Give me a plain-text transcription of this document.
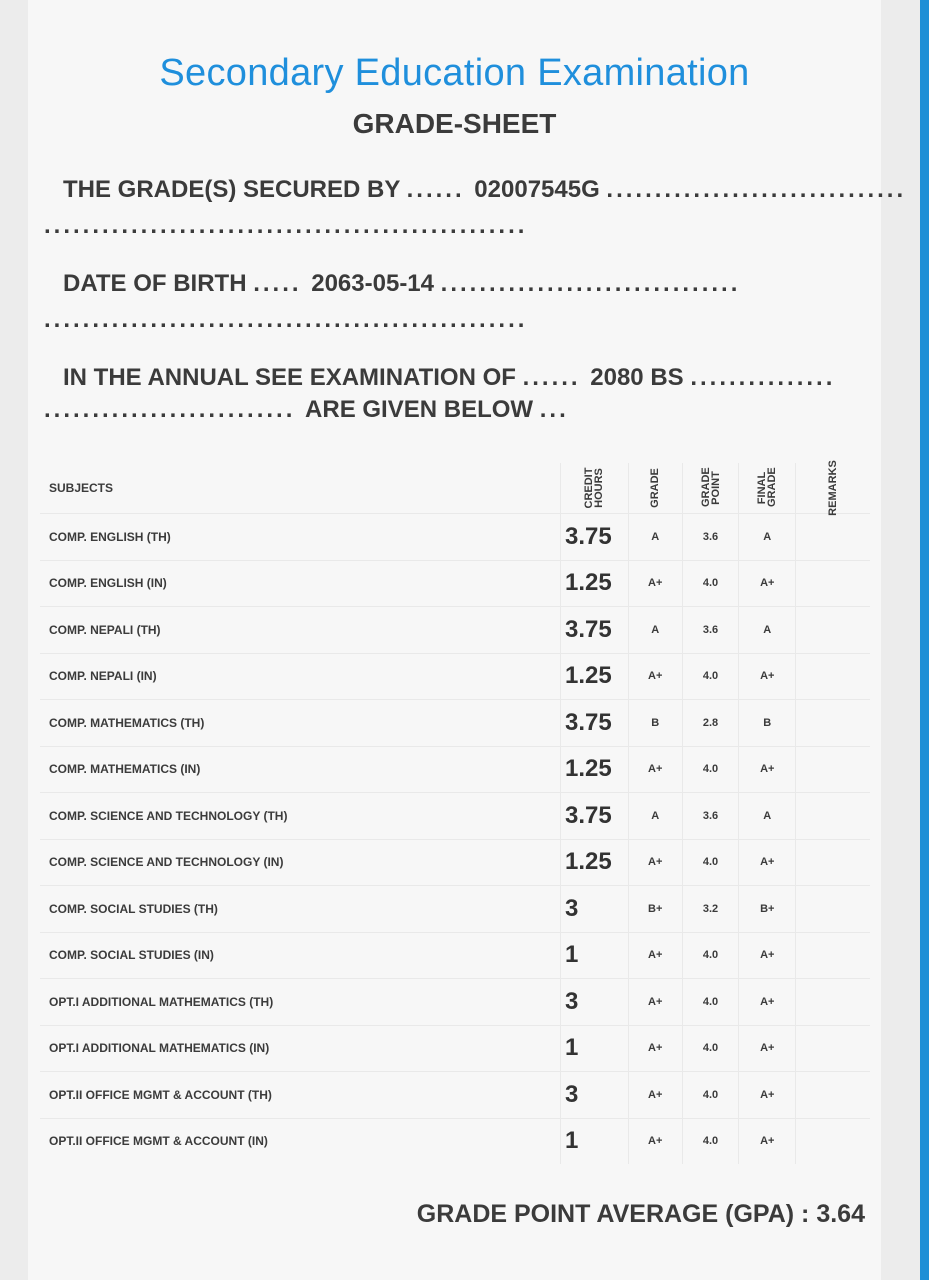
Secondary Education Examination
GRADE-SHEET
THE GRADE(S) SECURED BY ...... 02007545G ...............................
..................................................
DATE OF BIRTH ..... 2063-05-14 ...............................
..................................................
IN THE ANNUAL SEE EXAMINATION OF ...... 2080 BS ...............
.......................... ARE GIVEN BELOW ...
SUBJECTS	CREDIT HOURS	GRADE	GRADE POINT	FINAL GRADE	REMARKS
COMP. ENGLISH (TH)	3.75	A	3.6	A	
COMP. ENGLISH (IN)	1.25	A+	4.0	A+	
COMP. NEPALI (TH)	3.75	A	3.6	A	
COMP. NEPALI (IN)	1.25	A+	4.0	A+	
COMP. MATHEMATICS (TH)	3.75	B	2.8	B	
COMP. MATHEMATICS (IN)	1.25	A+	4.0	A+	
COMP. SCIENCE AND TECHNOLOGY (TH)	3.75	A	3.6	A	
COMP. SCIENCE AND TECHNOLOGY (IN)	1.25	A+	4.0	A+	
COMP. SOCIAL STUDIES (TH)	3	B+	3.2	B+	
COMP. SOCIAL STUDIES (IN)	1	A+	4.0	A+	
OPT.I ADDITIONAL MATHEMATICS (TH)	3	A+	4.0	A+	
OPT.I ADDITIONAL MATHEMATICS (IN)	1	A+	4.0	A+	
OPT.II OFFICE MGMT & ACCOUNT (TH)	3	A+	4.0	A+	
OPT.II OFFICE MGMT & ACCOUNT (IN)	1	A+	4.0	A+	
GRADE POINT AVERAGE (GPA) : 3.64
